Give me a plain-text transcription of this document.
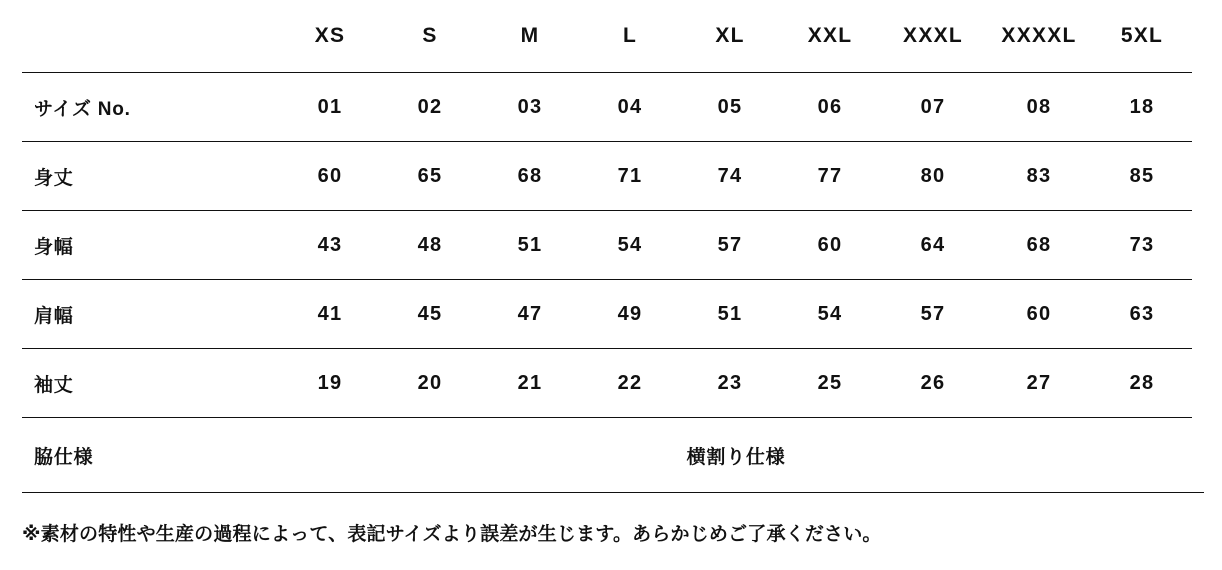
	XS	S	M	L	XL	XXL	XXXL	XXXXL	5XL
サイズ No.	01	02	03	04	05	06	07	08	18
身丈	60	65	68	71	74	77	80	83	85
身幅	43	48	51	54	57	60	64	68	73
肩幅	41	45	47	49	51	54	57	60	63
袖丈	19	20	21	22	23	25	26	27	28
脇仕様	横割り仕様								
※素材の特性や生産の過程によって、表記サイズより誤差が生じます。あらかじめご了承ください。
